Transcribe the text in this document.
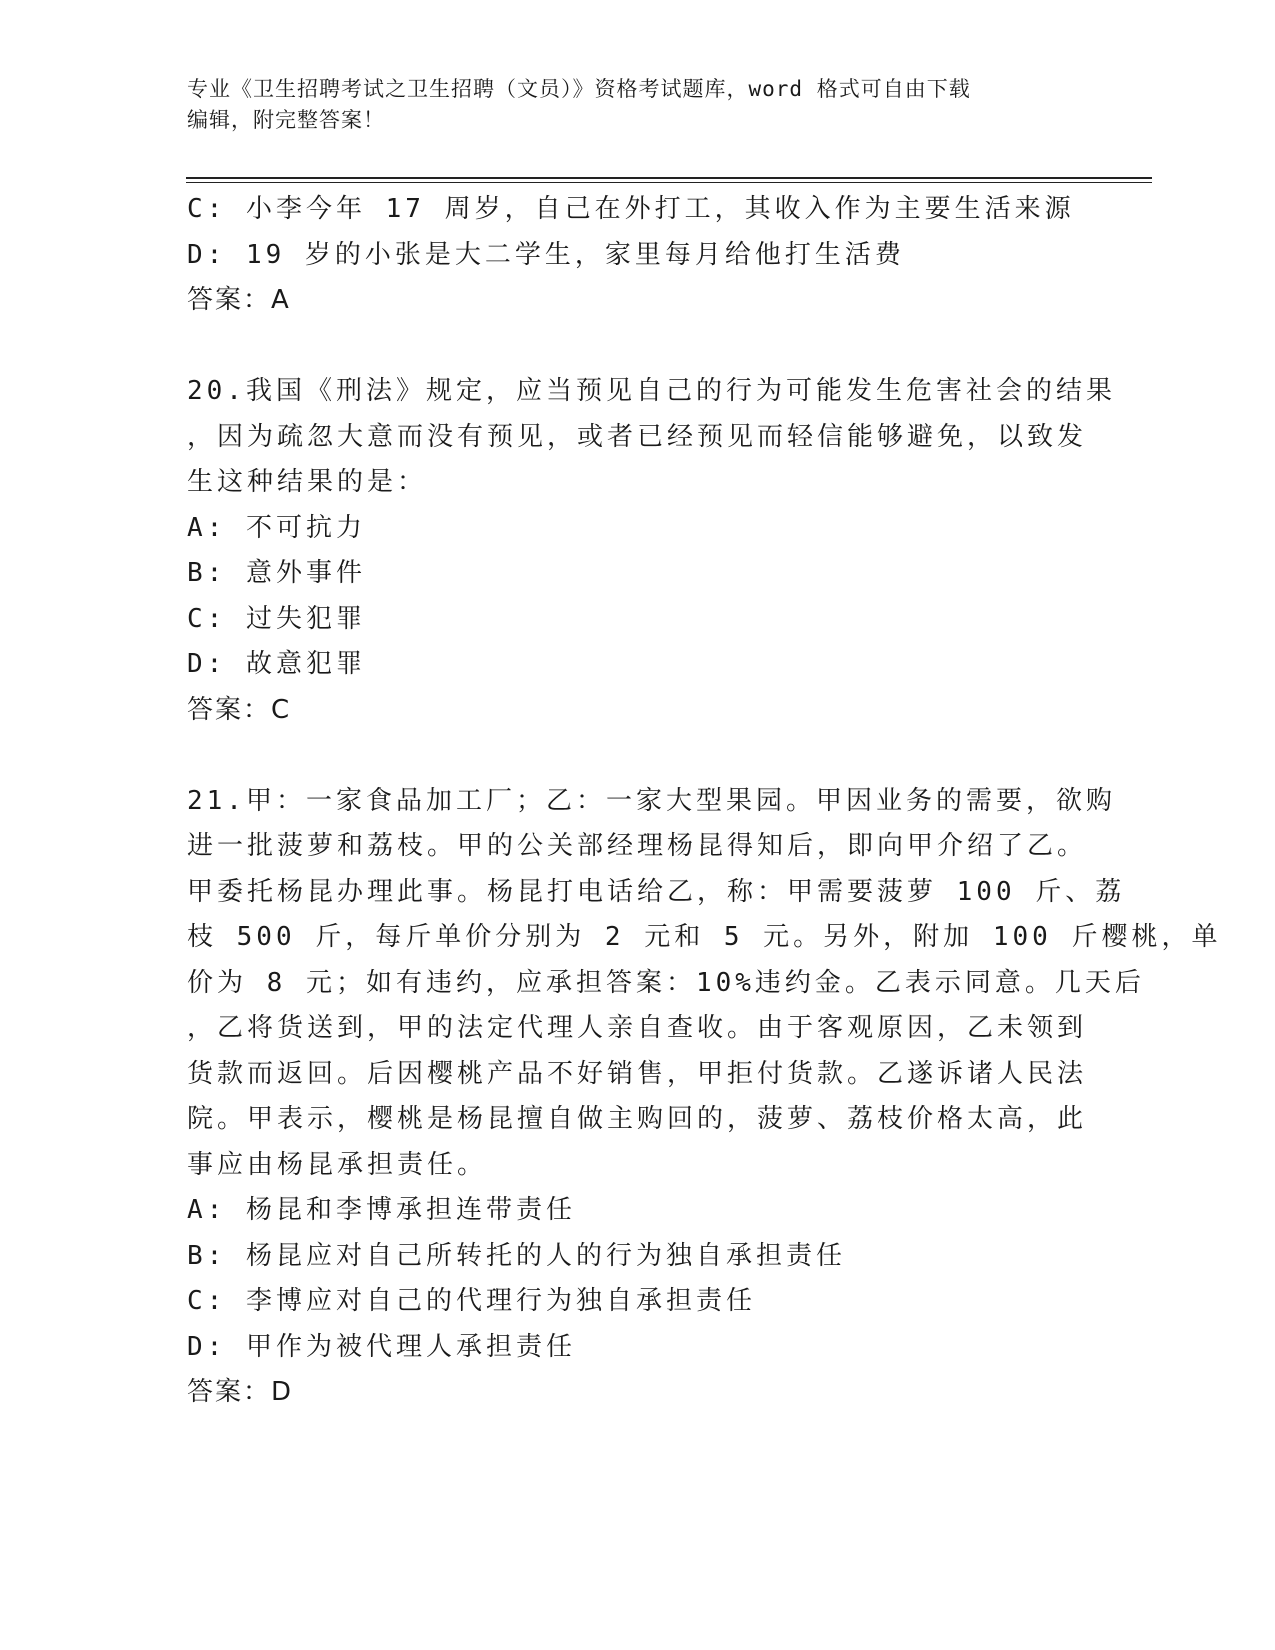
专业《卫生招聘考试之卫生招聘（文员）》资格考试题库，word 格式可自由下载
编辑，附完整答案！
C: 小李今年 17 周岁，自己在外打工，其收入作为主要生活来源
D: 19 岁的小张是大二学生，家里每月给他打生活费
答案：A
20.我国《刑法》规定，应当预见自己的行为可能发生危害社会的结果
，因为疏忽大意而没有预见，或者已经预见而轻信能够避免，以致发
生这种结果的是：
A: 不可抗力
B: 意外事件
C: 过失犯罪
D: 故意犯罪
答案：C
21.甲：一家食品加工厂；乙：一家大型果园。甲因业务的需要，欲购
进一批菠萝和荔枝。甲的公关部经理杨昆得知后，即向甲介绍了乙。
甲委托杨昆办理此事。杨昆打电话给乙，称：甲需要菠萝 100 斤、荔
枝 500 斤，每斤单价分别为 2 元和 5 元。另外，附加 100 斤樱桃，单
价为 8 元；如有违约，应承担答案：10%违约金。乙表示同意。几天后
，乙将货送到，甲的法定代理人亲自查收。由于客观原因，乙未领到
货款而返回。后因樱桃产品不好销售，甲拒付货款。乙遂诉诸人民法
院。甲表示，樱桃是杨昆擅自做主购回的，菠萝、荔枝价格太高，此
事应由杨昆承担责任。
A: 杨昆和李博承担连带责任
B: 杨昆应对自己所转托的人的行为独自承担责任
C: 李博应对自己的代理行为独自承担责任
D: 甲作为被代理人承担责任
答案：D
